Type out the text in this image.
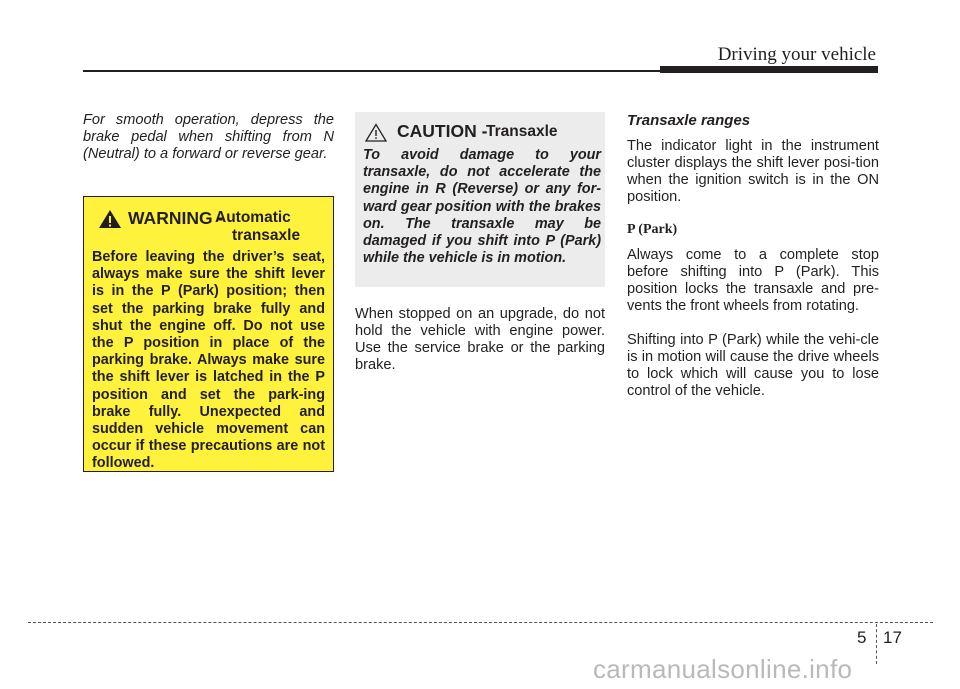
Driving your vehicle

For smooth operation, depress the brake pedal when shifting from N (Neutral) to a forward or reverse gear.

WARNING -
Automatic
transaxle

Before leaving the driver’s seat, always make sure the shift lever is in the P (Park) position; then set the parking brake fully and shut the engine off. Do not use the P position in place of the parking brake. Always make sure the shift lever is latched in the P position and set the park-ing brake fully. Unexpected and sudden vehicle movement can occur if these precautions are not followed.

CAUTION -
Transaxle

To avoid damage to your transaxle, do not accelerate the engine in R (Reverse) or any for-ward gear position with the brakes on. The transaxle may be damaged if you shift into P (Park) while the vehicle is in motion.

When stopped on an upgrade, do not hold the vehicle with engine power. Use the service brake or the parking brake.

Transaxle ranges

The indicator light in the instrument cluster displays the shift lever posi-tion when the ignition switch is in the ON position.

P (Park)

Always come to a complete stop before shifting into P (Park). This position locks the transaxle and pre-vents the front wheels from rotating.

Shifting into P (Park) while the vehi-cle is in motion will cause the drive wheels to lock which will cause you to lose control of the vehicle.

5 17
carmanualsonline.info
